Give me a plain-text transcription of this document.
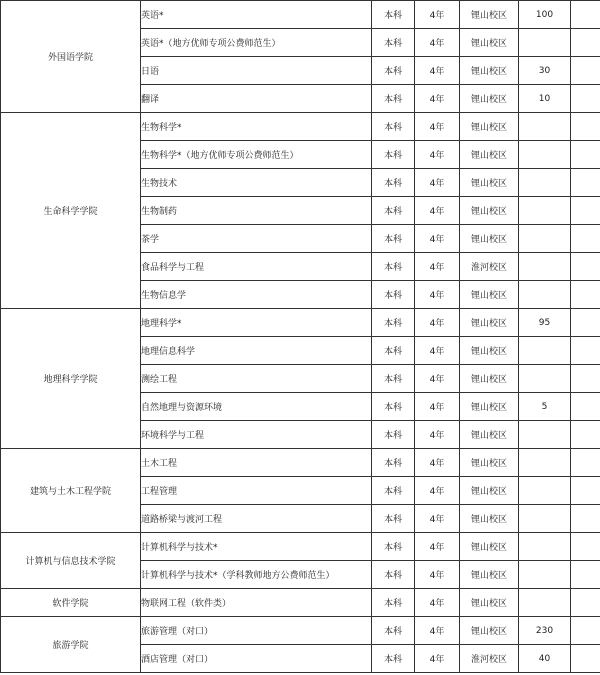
外国语学院	英语*	本科	4年	锂山校区	100		
	英语*（地方优师专项公费师范生）	本科	4年	锂山校区			
	日语	本科	4年	锂山校区	30		
	翻译	本科	4年	锂山校区	10		
生命科学学院	生物科学*	本科	4年	锂山校区			
	生物科学*（地方优师专项公费师范生）	本科	4年	锂山校区			
	生物技术	本科	4年	锂山校区			
	生物制药	本科	4年	锂山校区			
	茶学	本科	4年	锂山校区			
	食品科学与工程	本科	4年	淮河校区			
	生物信息学	本科	4年	锂山校区			
地理科学学院	地理科学*	本科	4年	锂山校区	95		
	地理信息科学	本科	4年	锂山校区			
	测绘工程	本科	4年	锂山校区			
	自然地理与资源环境	本科	4年	锂山校区	5		
	环境科学与工程	本科	4年	锂山校区			
建筑与土木工程学院	土木工程	本科	4年	锂山校区			
	工程管理	本科	4年	锂山校区			
	道路桥梁与渡河工程	本科	4年	锂山校区			
计算机与信息技术学院	计算机科学与技术*	本科	4年	锂山校区			
	计算机科学与技术*（学科教师地方公费师范生）	本科	4年	锂山校区			
软件学院	物联网工程（软件类）	本科	4年	锂山校区			
旅游学院	旅游管理（对口）	本科	4年	锂山校区	230		
	酒店管理（对口）	本科	4年	淮河校区	40		
